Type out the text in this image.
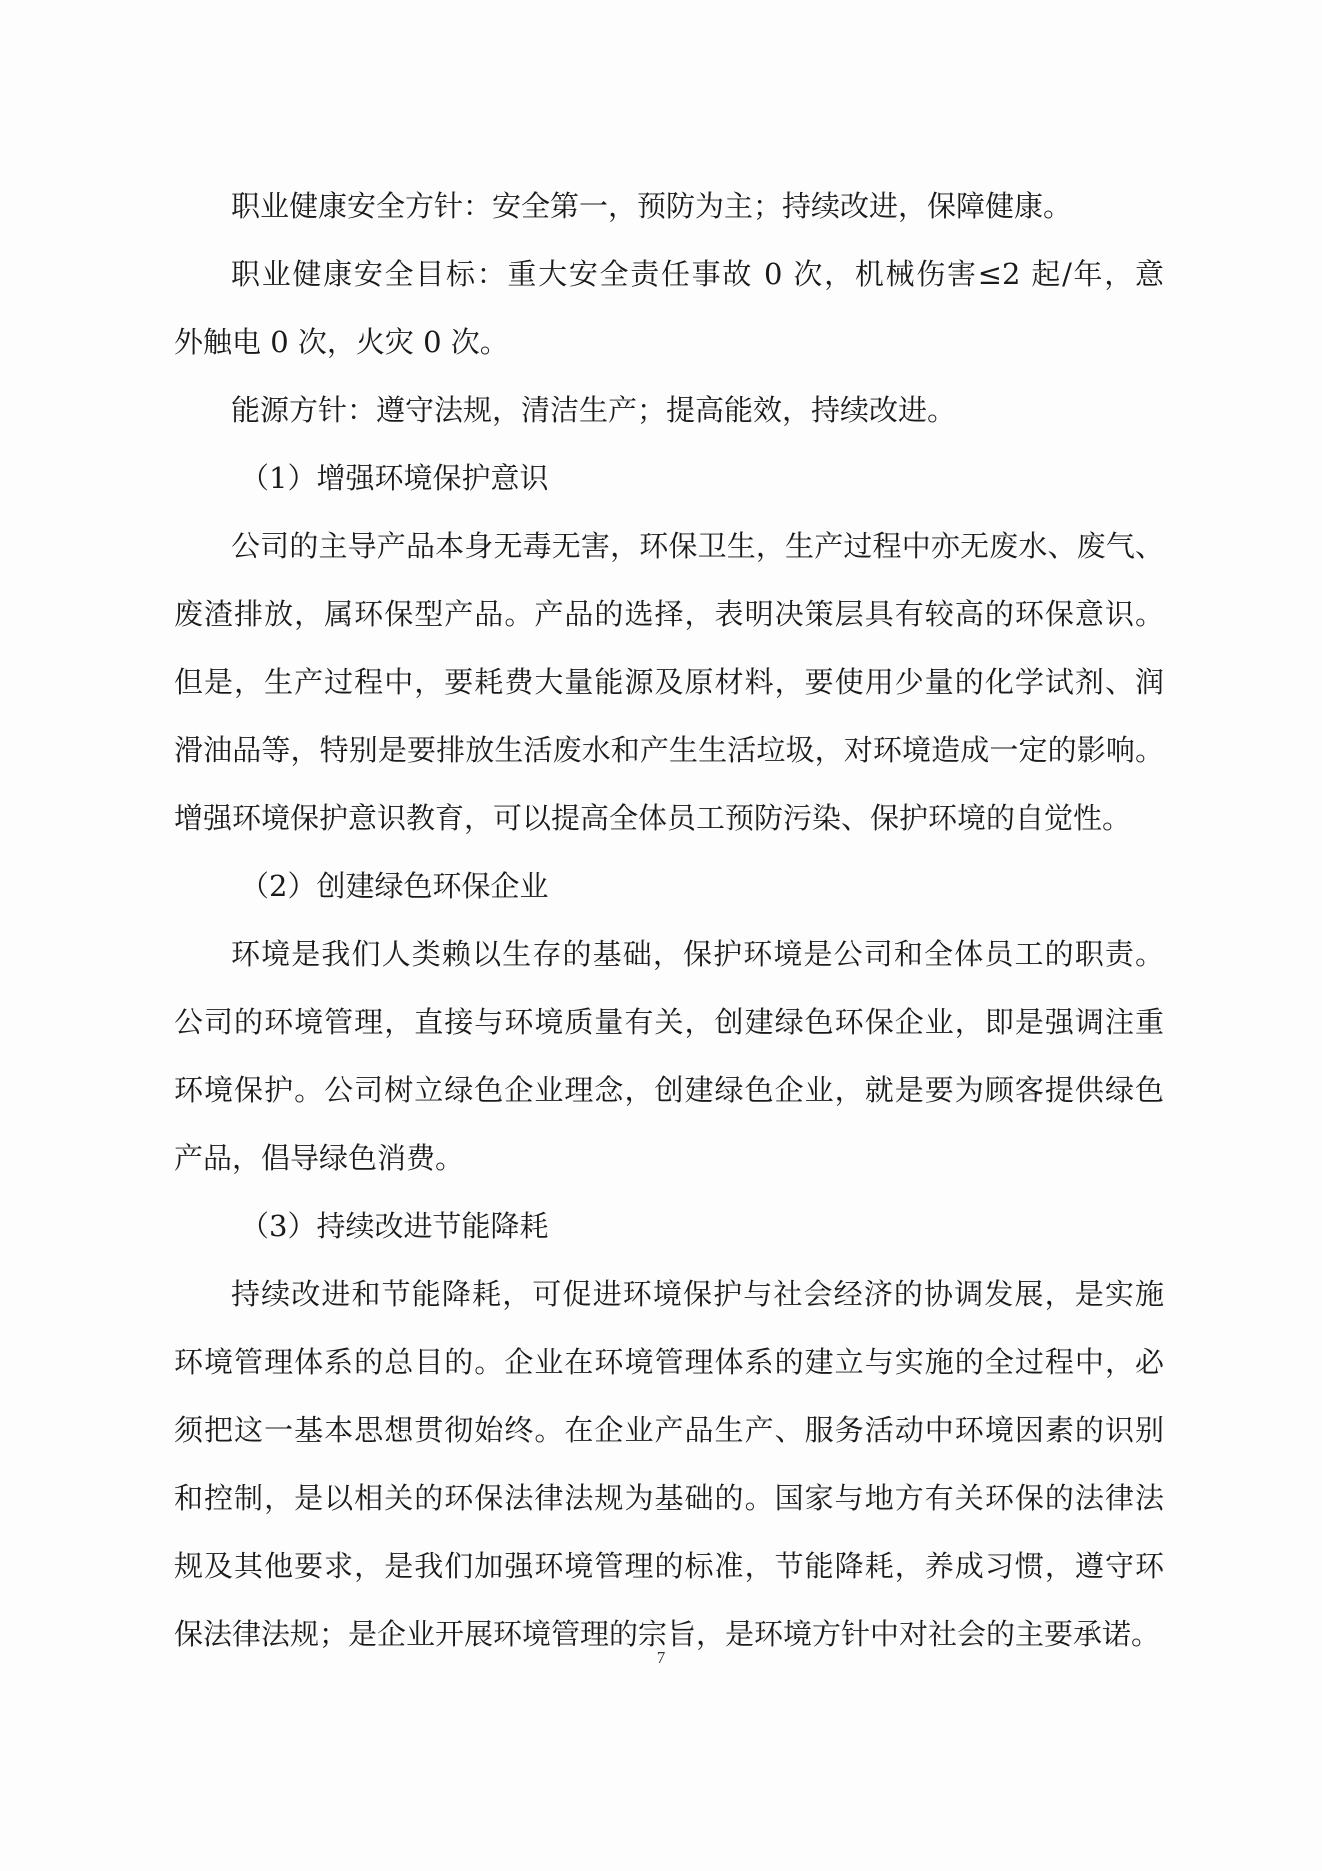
职业健康安全方针：安全第一，预防为主；持续改进，保障健康。
职业健康安全目标：重大安全责任事故 0 次，机械伤害≤2 起/年，意
外触电 0 次，火灾 0 次。
能源方针：遵守法规，清洁生产；提高能效，持续改进。
（1）增强环境保护意识
公司的主导产品本身无毒无害，环保卫生，生产过程中亦无废水、废气、
废渣排放，属环保型产品。产品的选择，表明决策层具有较高的环保意识。
但是，生产过程中，要耗费大量能源及原材料，要使用少量的化学试剂、润
滑油品等，特别是要排放生活废水和产生生活垃圾，对环境造成一定的影响。
增强环境保护意识教育，可以提高全体员工预防污染、保护环境的自觉性。
（2）创建绿色环保企业
环境是我们人类赖以生存的基础，保护环境是公司和全体员工的职责。
公司的环境管理，直接与环境质量有关，创建绿色环保企业，即是强调注重
环境保护。公司树立绿色企业理念，创建绿色企业，就是要为顾客提供绿色
产品，倡导绿色消费。
（3）持续改进节能降耗
持续改进和节能降耗，可促进环境保护与社会经济的协调发展，是实施
环境管理体系的总目的。企业在环境管理体系的建立与实施的全过程中，必
须把这一基本思想贯彻始终。在企业产品生产、服务活动中环境因素的识别
和控制，是以相关的环保法律法规为基础的。国家与地方有关环保的法律法
规及其他要求，是我们加强环境管理的标准，节能降耗，养成习惯，遵守环
保法律法规；是企业开展环境管理的宗旨，是环境方针中对社会的主要承诺。
7
